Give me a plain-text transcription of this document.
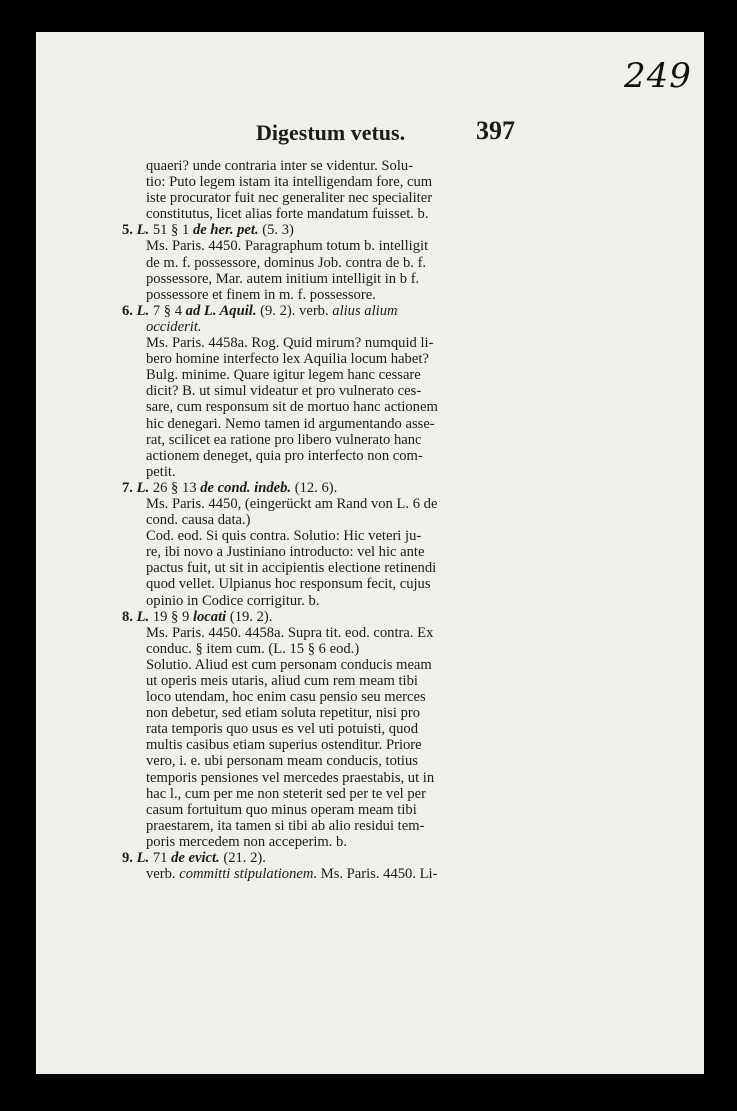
249
Digestum vetus.	397
quaeri? unde contraria inter se videntur. Solu-
tio: Puto legem istam ita intelligendam fore, cum
iste procurator fuit nec generaliter nec specialiter
constitutus, licet alias forte mandatum fuisset. b.
5. L. 51 § 1 de her. pet. (5. 3)
Ms. Paris. 4450. Paragraphum totum b. intelligit
de m. f. possessore, dominus Job. contra de b. f.
possessore, Mar. autem initium intelligit in b f.
possessore et finem in m. f. possessore.
6. L. 7 § 4 ad L. Aquil. (9. 2). verb. alius alium
occiderit.
Ms. Paris. 4458a. Rog. Quid mirum? numquid li-
bero homine interfecto lex Aquilia locum habet?
Bulg. minime. Quare igitur legem hanc cessare
dicit? B. ut simul videatur et pro vulnerato ces-
sare, cum responsum sit de mortuo hanc actionem
hic denegari. Nemo tamen id argumentando asse-
rat, scilicet ea ratione pro libero vulnerato hanc
actionem deneget, quia pro interfecto non com-
petit.
7. L. 26 § 13 de cond. indeb. (12. 6).
Ms. Paris. 4450, (eingerückt am Rand von L. 6 de
cond. causa data.)
Cod. eod. Si quis contra. Solutio: Hic veteri ju-
re, ibi novo a Justiniano introducto: vel hic ante
pactus fuit, ut sit in accipientis electione retinendi
quod vellet. Ulpianus hoc responsum fecit, cujus
opinio in Codice corrigitur. b.
8. L. 19 § 9 locati (19. 2).
Ms. Paris. 4450. 4458a. Supra tit. eod. contra. Ex
conduc. § item cum. (L. 15 § 6 eod.)
Solutio. Aliud est cum personam conducis meam
ut operis meis utaris, aliud cum rem meam tibi
loco utendam, hoc enim casu pensio seu merces
non debetur, sed etiam soluta repetitur, nisi pro
rata temporis quo usus es vel uti potuisti, quod
multis casibus etiam superius ostenditur. Priore
vero, i. e. ubi personam meam conducis, totius
temporis pensiones vel mercedes praestabis, ut in
hac l., cum per me non steterit sed per te vel per
casum fortuitum quo minus operam meam tibi
praestarem, ita tamen si tibi ab alio residui tem-
poris mercedem non acceperim. b.
9. L. 71 de evict. (21. 2).
verb. committi stipulationem. Ms. Paris. 4450. Li-
